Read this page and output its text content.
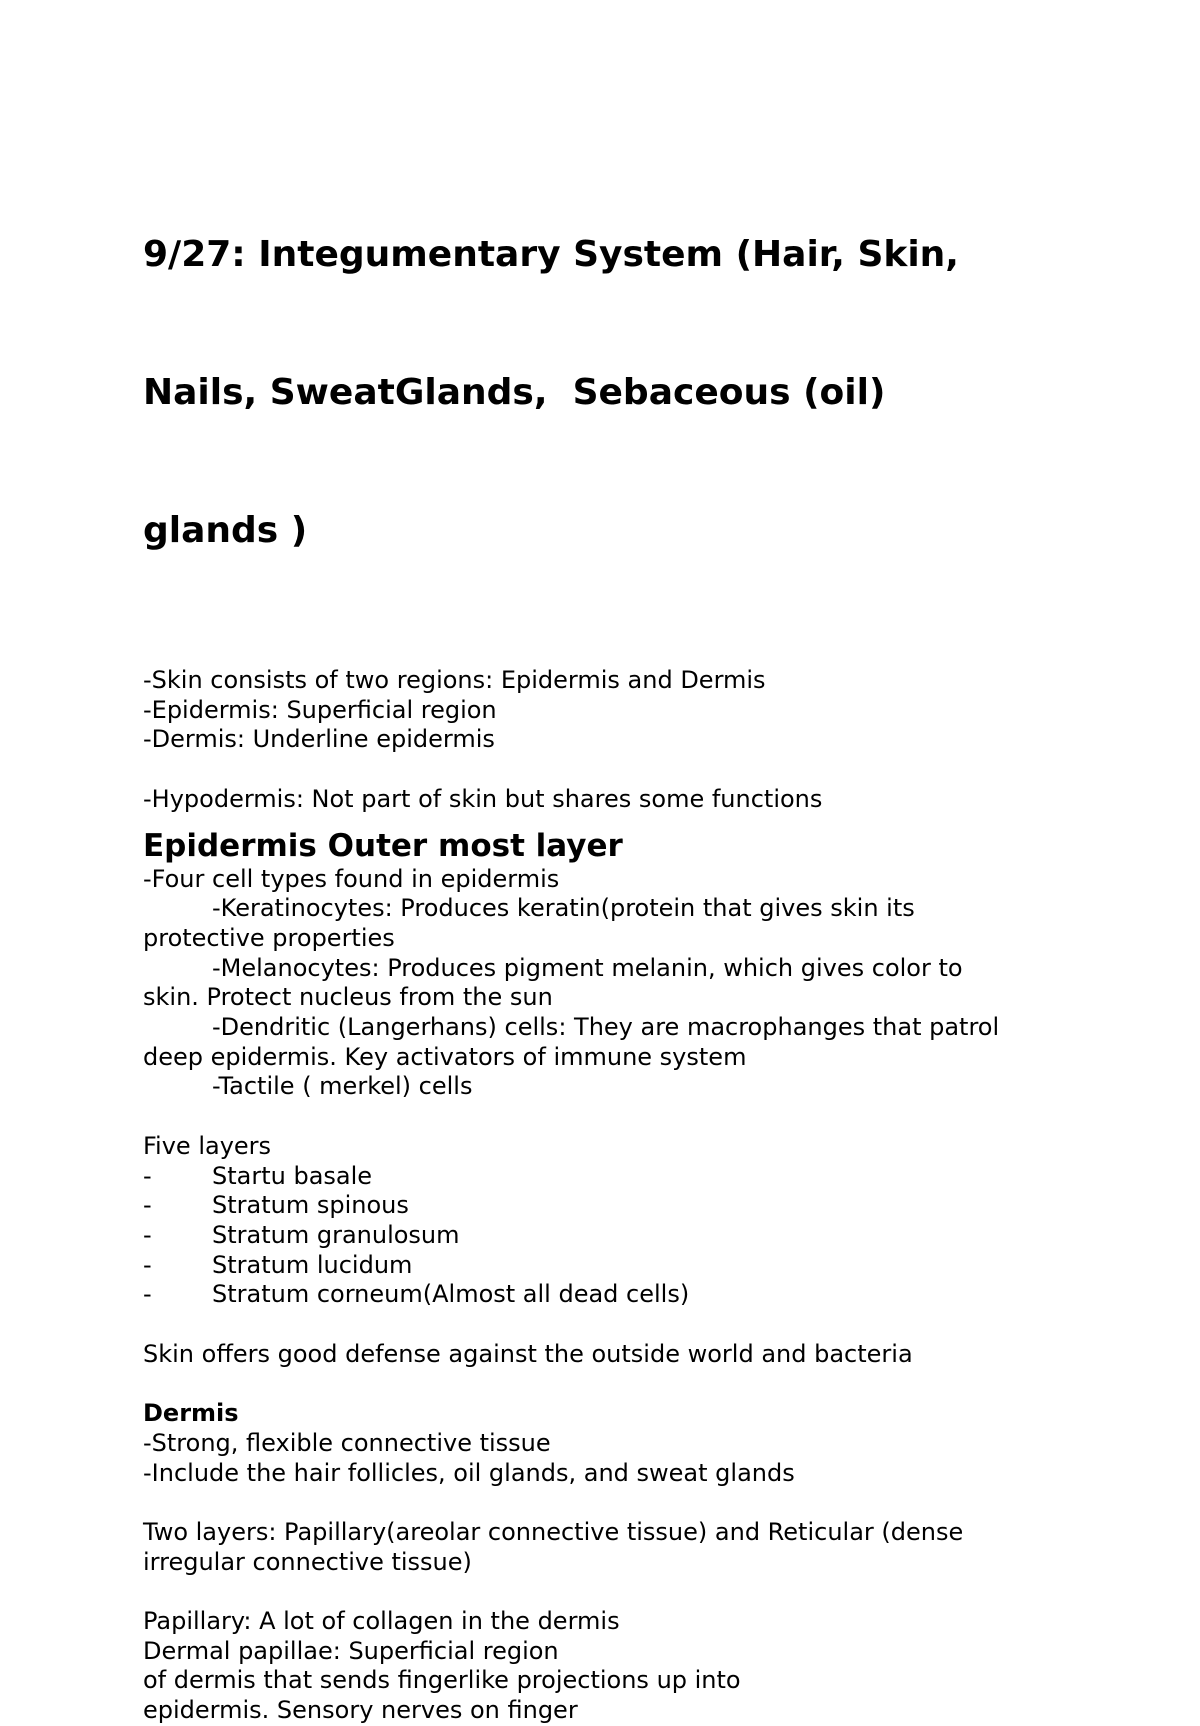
9/27: Integumentary System (Hair, Skin,

Nails, SweatGlands,  Sebaceous (oil)

glands )

-Skin consists of two regions: Epidermis and Dermis

-Epidermis: Superficial region

-Dermis: Underline epidermis

-Hypodermis: Not part of skin but shares some functions

Epidermis Outer most layer

-Four cell types found in epidermis

-Keratinocytes: Produces keratin(protein that gives skin its

protective properties

-Melanocytes: Produces pigment melanin, which gives color to

skin. Protect nucleus from the sun

-Dendritic (Langerhans) cells: They are macrophanges that patrol

deep epidermis. Key activators of immune system

-Tactile ( merkel) cells

Five layers

-	Startu basale
-	Stratum spinous
-	Stratum granulosum
-	Stratum lucidum
-	Stratum corneum(Almost all dead cells)

Skin offers good defense against the outside world and bacteria

Dermis

-Strong, flexible connective tissue

-Include the hair follicles, oil glands, and sweat glands

Two layers: Papillary(areolar connective tissue) and Reticular (dense

irregular connective tissue)

Papillary: A lot of collagen in the dermis

Dermal papillae: Superficial region

of dermis that sends fingerlike projections up into

epidermis. Sensory nerves on finger
